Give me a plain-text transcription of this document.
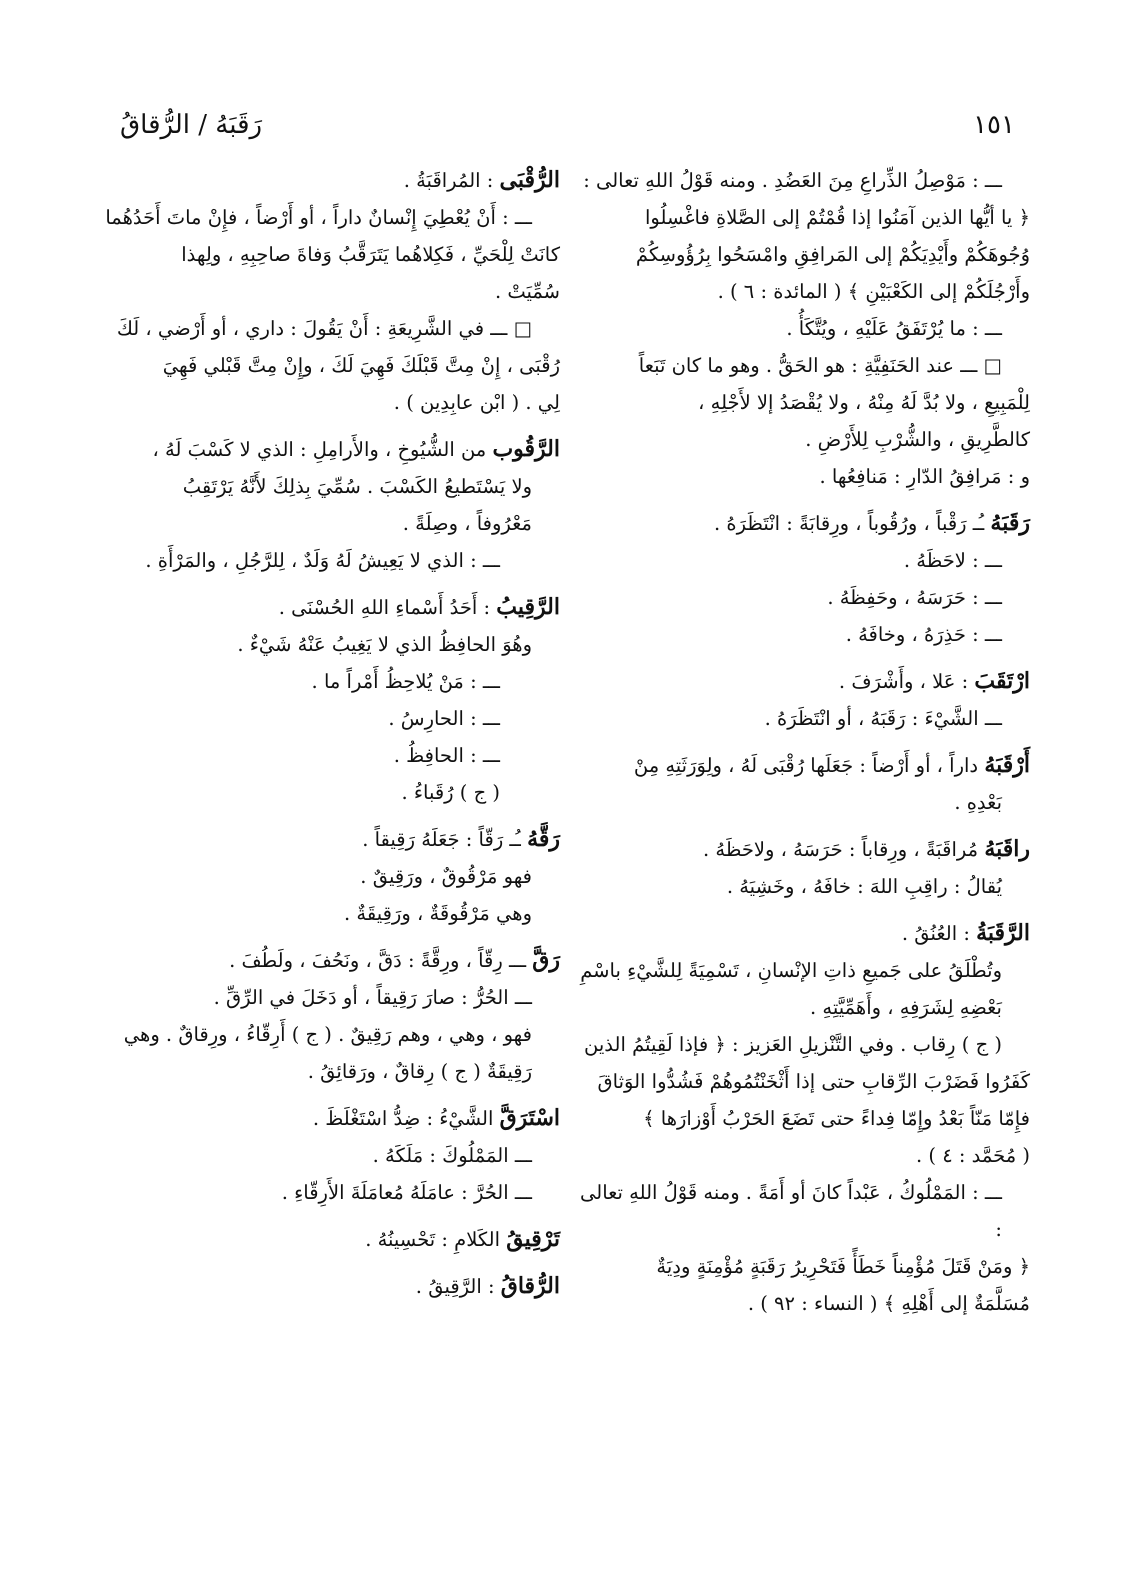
رَقَبَهُ / الرُّقاقُ	١٥١
ـــ : مَوْصِلُ الذِّراعِ مِنَ العَضُدِ . ومنه قَوْلُ اللهِ تعالى :
﴿ يا أيُّها الذين آمَنُوا إذا قُمْتُمْ إلى الصَّلاةِ فاغْسِلُوا
وُجُوهَكُمْ وأَيْدِيَكُمْ إلى المَرافِقِ وامْسَحُوا بِرُؤُوسِكُمْ
وأَرْجُلَكُمْ إلى الكَعْبَيْنِ ﴾ ( المائدة : ٦ ) .
ـــ : ما يُرْتَفَقُ عَلَيْهِ ، ويُتَّكَأُ .
□ ـــ عند الحَنَفِيَّةِ : هو الحَقُّ . وهو ما كان تَبَعاً
لِلْمَبِيعِ ، ولا بُدَّ لَهُ مِنْهُ ، ولا يُقْصَدُ إلا لأَجْلِهِ ،
كالطَّرِيقِ ، والشُّرْبِ لِلأَرْضِ .
و : مَرافِقُ الدّارِ : مَنافِعُها .
رَقَبَهُ ـُـ رَقْباً ، ورُقُوباً ، ورِقابَةً : انْتَظَرَهُ .
ـــ : لاحَظَهُ .
ـــ : حَرَسَهُ ، وحَفِظَهُ .
ـــ : حَذِرَهُ ، وخافَهُ .
ارْتَقَبَ : عَلا ، وأَشْرَفَ .
ـــ الشَّيْءَ : رَقَبَهُ ، أو انْتَظَرَهُ .
أَرْقَبَهُ داراً ، أو أَرْضاً : جَعَلَها رُقْبَى لَهُ ، ولِوَرَثَتِهِ مِنْ
بَعْدِهِ .
راقَبَهُ مُراقَبَةً ، ورِقاباً : حَرَسَهُ ، ولاحَظَهُ .
يُقالُ : راقِبِ اللهَ : خافَهُ ، وخَشِيَهُ .
الرَّقَبَةُ : العُنُقُ .
وتُطْلَقُ على جَميعِ ذاتِ الإنْسانِ ، تَسْمِيَةً لِلشَّيْءِ باسْمِ
بَعْضِهِ لِشَرَفِهِ ، وأَهَمِّيَّتِهِ .
( ج ) رِقاب . وفي التَّنْزيلِ العَزيز : ﴿ فإذا لَقِيتُمُ الذين
كَفَرُوا فَضَرْبَ الرِّقابِ حتى إذا أَثْخَنْتُمُوهُمْ فَشُدُّوا الوَثاقَ
فإِمّا مَنّاً بَعْدُ وإِمّا فِداءً حتى تَضَعَ الحَرْبُ أَوْزارَها ﴾
( مُحَمَّد : ٤ ) .
ـــ : المَمْلُوكُ ، عَبْداً كانَ أو أَمَةً . ومنه قَوْلُ اللهِ تعالى :
﴿ ومَنْ قَتَلَ مُؤْمِناً خَطَأً فَتَحْرِيرُ رَقَبَةٍ مُؤْمِنَةٍ ودِيَةٌ
مُسَلَّمَةٌ إلى أَهْلِهِ ﴾ ( النساء : ٩٢ ) .
الرُّقْبَى : المُراقَبَةُ .
ـــ : أَنْ يُعْطِيَ إِنْسانٌ داراً ، أو أَرْضاً ، فإِنْ ماتَ أَحَدُهُما
كانَتْ لِلْحَيِّ ، فَكِلاهُما يَتَرَقَّبُ وَفاةَ صاحِبِهِ ، ولِهذا
سُمِّيَتْ .
□ ـــ في الشَّرِيعَةِ : أَنْ يَقُولَ : داري ، أو أَرْضي ، لَكَ
رُقْبَى ، إِنْ مِتَّ قَبْلَكَ فَهِيَ لَكَ ، وإِنْ مِتَّ قَبْلي فَهِيَ
لِي . ( ابْن عابِدِين ) .
الرَّقُوب من الشُّيُوخِ ، والأَرامِلِ : الذي لا كَسْبَ لَهُ ،
ولا يَسْتَطيعُ الكَسْبَ . سُمِّيَ بِذلِكَ لأَنَّهُ يَرْتَقِبُ
مَعْرُوفاً ، وصِلَةً .
ـــ : الذي لا يَعِيشُ لَهُ وَلَدٌ ، لِلرَّجُلِ ، والمَرْأَةِ .
الرَّقِيبُ : أَحَدُ أَسْماءِ اللهِ الحُسْنَى .
وهُوَ الحافِظُ الذي لا يَغِيبُ عَنْهُ شَيْءٌ .
ـــ : مَنْ يُلاحِظُ أَمْراً ما .
ـــ : الحارِسُ .
ـــ : الحافِظُ .
( ج ) رُقَباءُ .
رَقَّهُ ـُـ رَقّاً : جَعَلَهُ رَقِيقاً .
فهو مَرْقُوقٌ ، ورَقِيقٌ .
وهي مَرْقُوقَةٌ ، ورَقِيقَةٌ .
رَقَّ ـــ رِقّاً ، ورِقَّةً : دَقَّ ، ونَحُفَ ، ولَطُفَ .
ـــ الحُرُّ : صارَ رَقِيقاً ، أو دَخَلَ في الرِّقِّ .
فهو ، وهي ، وهم رَقِيقٌ . ( ج ) أَرِقّاءُ ، ورِقاقٌ . وهي
رَقِيقَةٌ ( ج ) رِقاقٌ ، ورَقائِقُ .
اسْتَرَقَّ الشَّيْءُ : ضِدُّ اسْتَغْلَظَ .
ـــ المَمْلُوكَ : مَلَكَهُ .
ـــ الحُرَّ : عامَلَهُ مُعامَلَةَ الأَرِقّاءِ .
تَرْقِيقُ الكَلامِ : تَحْسِينُهُ .
الرُّقاقُ : الرَّقِيقُ .
